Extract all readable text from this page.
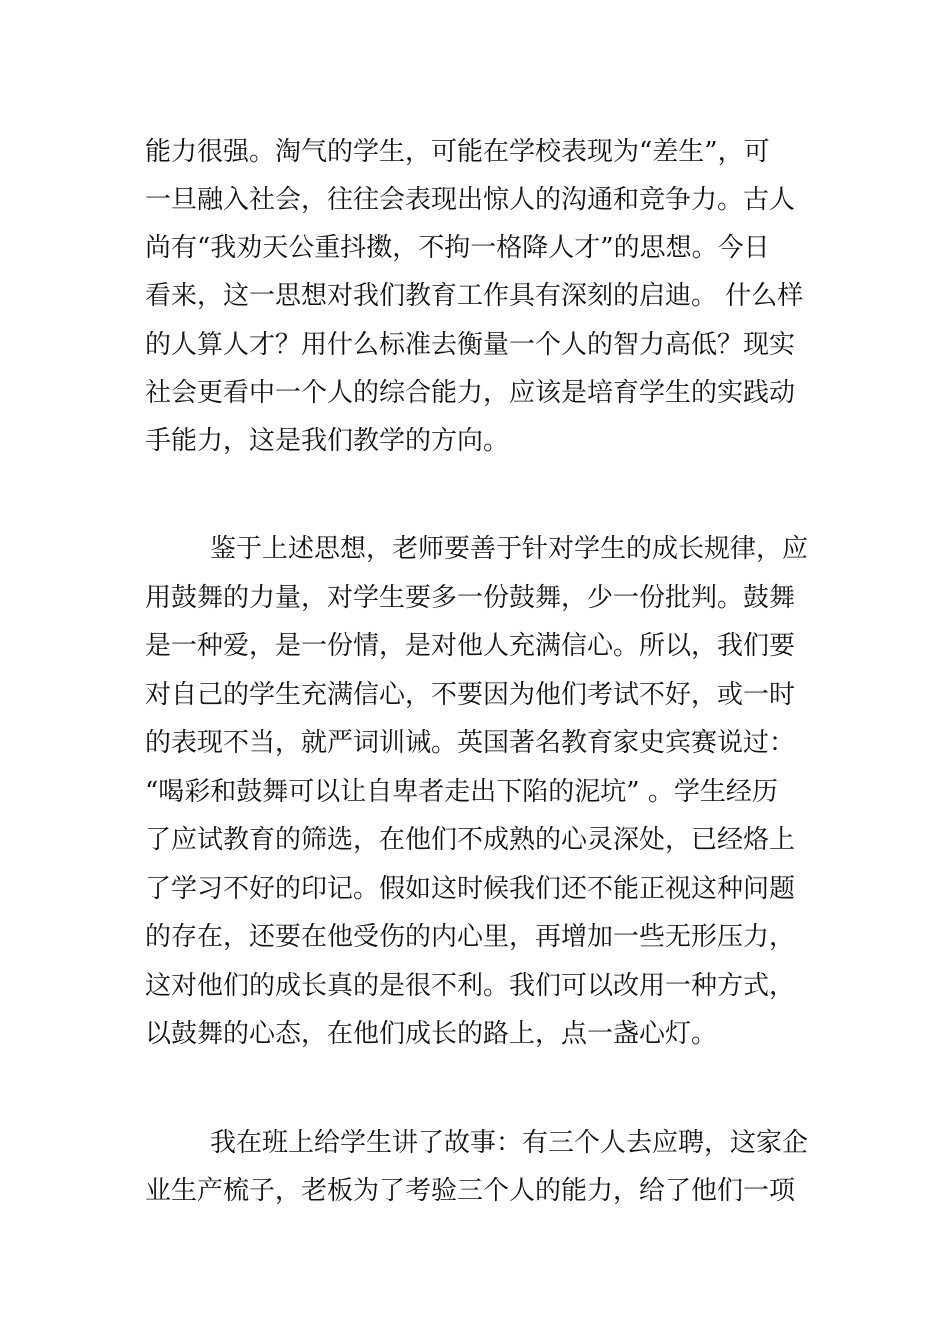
能力很强。淘气的学生，可能在学校表现为“差生”，可
一旦融入社会，往往会表现出惊人的沟通和竞争力。古人
尚有“我劝天公重抖擞，不拘一格降人才”的思想。今日
看来，这一思想对我们教育工作具有深刻的启迪。 什么样
的人算人才？用什么标准去衡量一个人的智力高低？现实
社会更看中一个人的综合能力，应该是培育学生的实践动
手能力，这是我们教学的方向。
鉴于上述思想，老师要善于针对学生的成长规律，应
用鼓舞的力量，对学生要多一份鼓舞，少一份批判。鼓舞
是一种爱，是一份情，是对他人充满信心。所以，我们要
对自己的学生充满信心，不要因为他们考试不好，或一时
的表现不当，就严词训诫。英国著名教育家史宾赛说过：
“喝彩和鼓舞可以让自卑者走出下陷的泥坑” 。学生经历
了应试教育的筛选，在他们不成熟的心灵深处，已经烙上
了学习不好的印记。假如这时候我们还不能正视这种问题
的存在，还要在他受伤的内心里，再增加一些无形压力，
这对他们的成长真的是很不利。我们可以改用一种方式，
以鼓舞的心态，在他们成长的路上，点一盏心灯。
我在班上给学生讲了故事：有三个人去应聘，这家企
业生产梳子，老板为了考验三个人的能力，给了他们一项
